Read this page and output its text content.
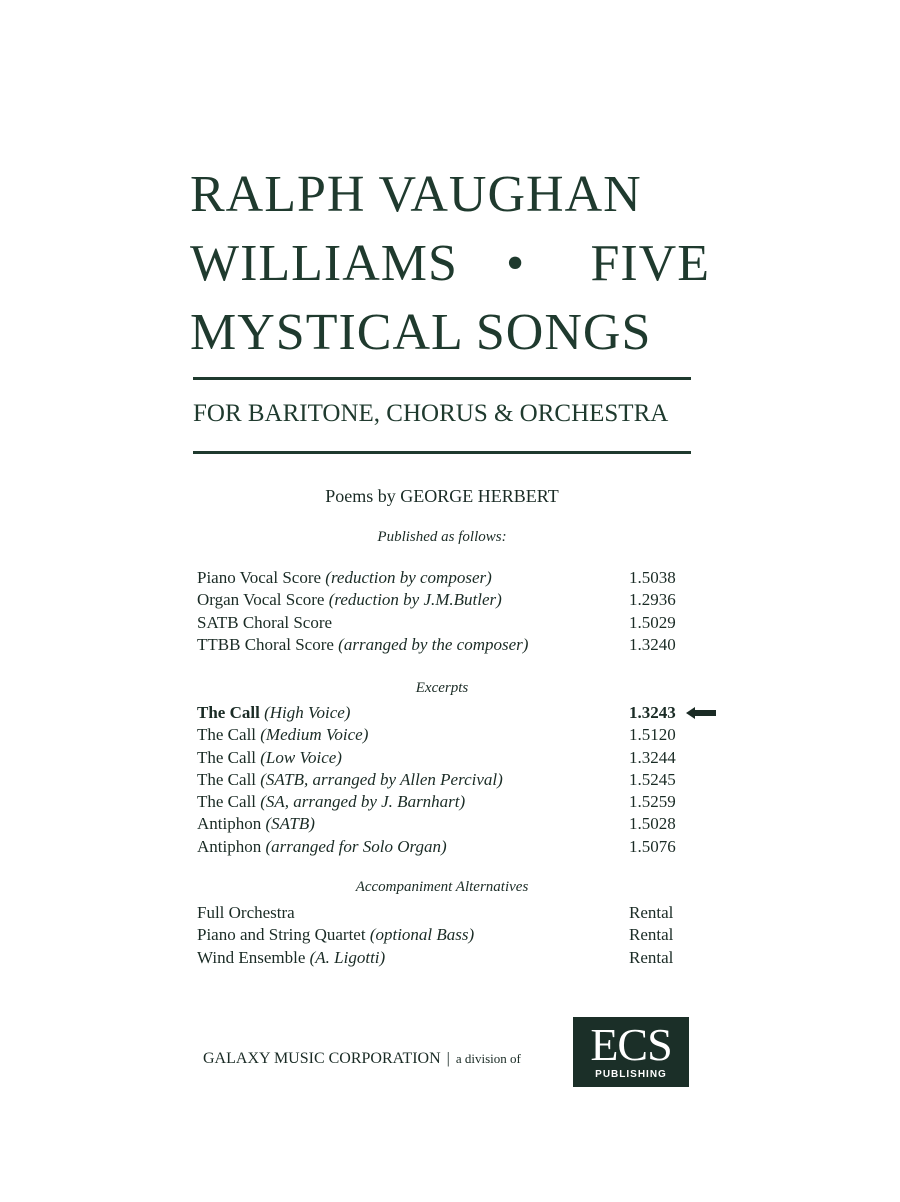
RALPH VAUGHAN
WILLIAMS • FIVE
MYSTICAL SONGS
FOR BARITONE, CHORUS & ORCHESTRA
Poems by GEORGE HERBERT
Published as follows:
Piano Vocal Score (reduction by composer)	1.5038
Organ Vocal Score (reduction by J.M.Butler)	1.2936
SATB Choral Score	1.5029
TTBB Choral Score (arranged by the composer)	1.3240
Excerpts
The Call (High Voice)	1.3243
The Call (Medium Voice)	1.5120
The Call (Low Voice)	1.3244
The Call (SATB, arranged by Allen Percival)	1.5245
The Call (SA, arranged by J. Barnhart)	1.5259
Antiphon (SATB)	1.5028
Antiphon (arranged for Solo Organ)	1.5076
Accompaniment Alternatives
Full Orchestra	Rental
Piano and String Quartet (optional Bass)	Rental
Wind Ensemble (A. Ligotti)	Rental
GALAXY MUSIC CORPORATION | a division of	ECS
PUBLISHING
